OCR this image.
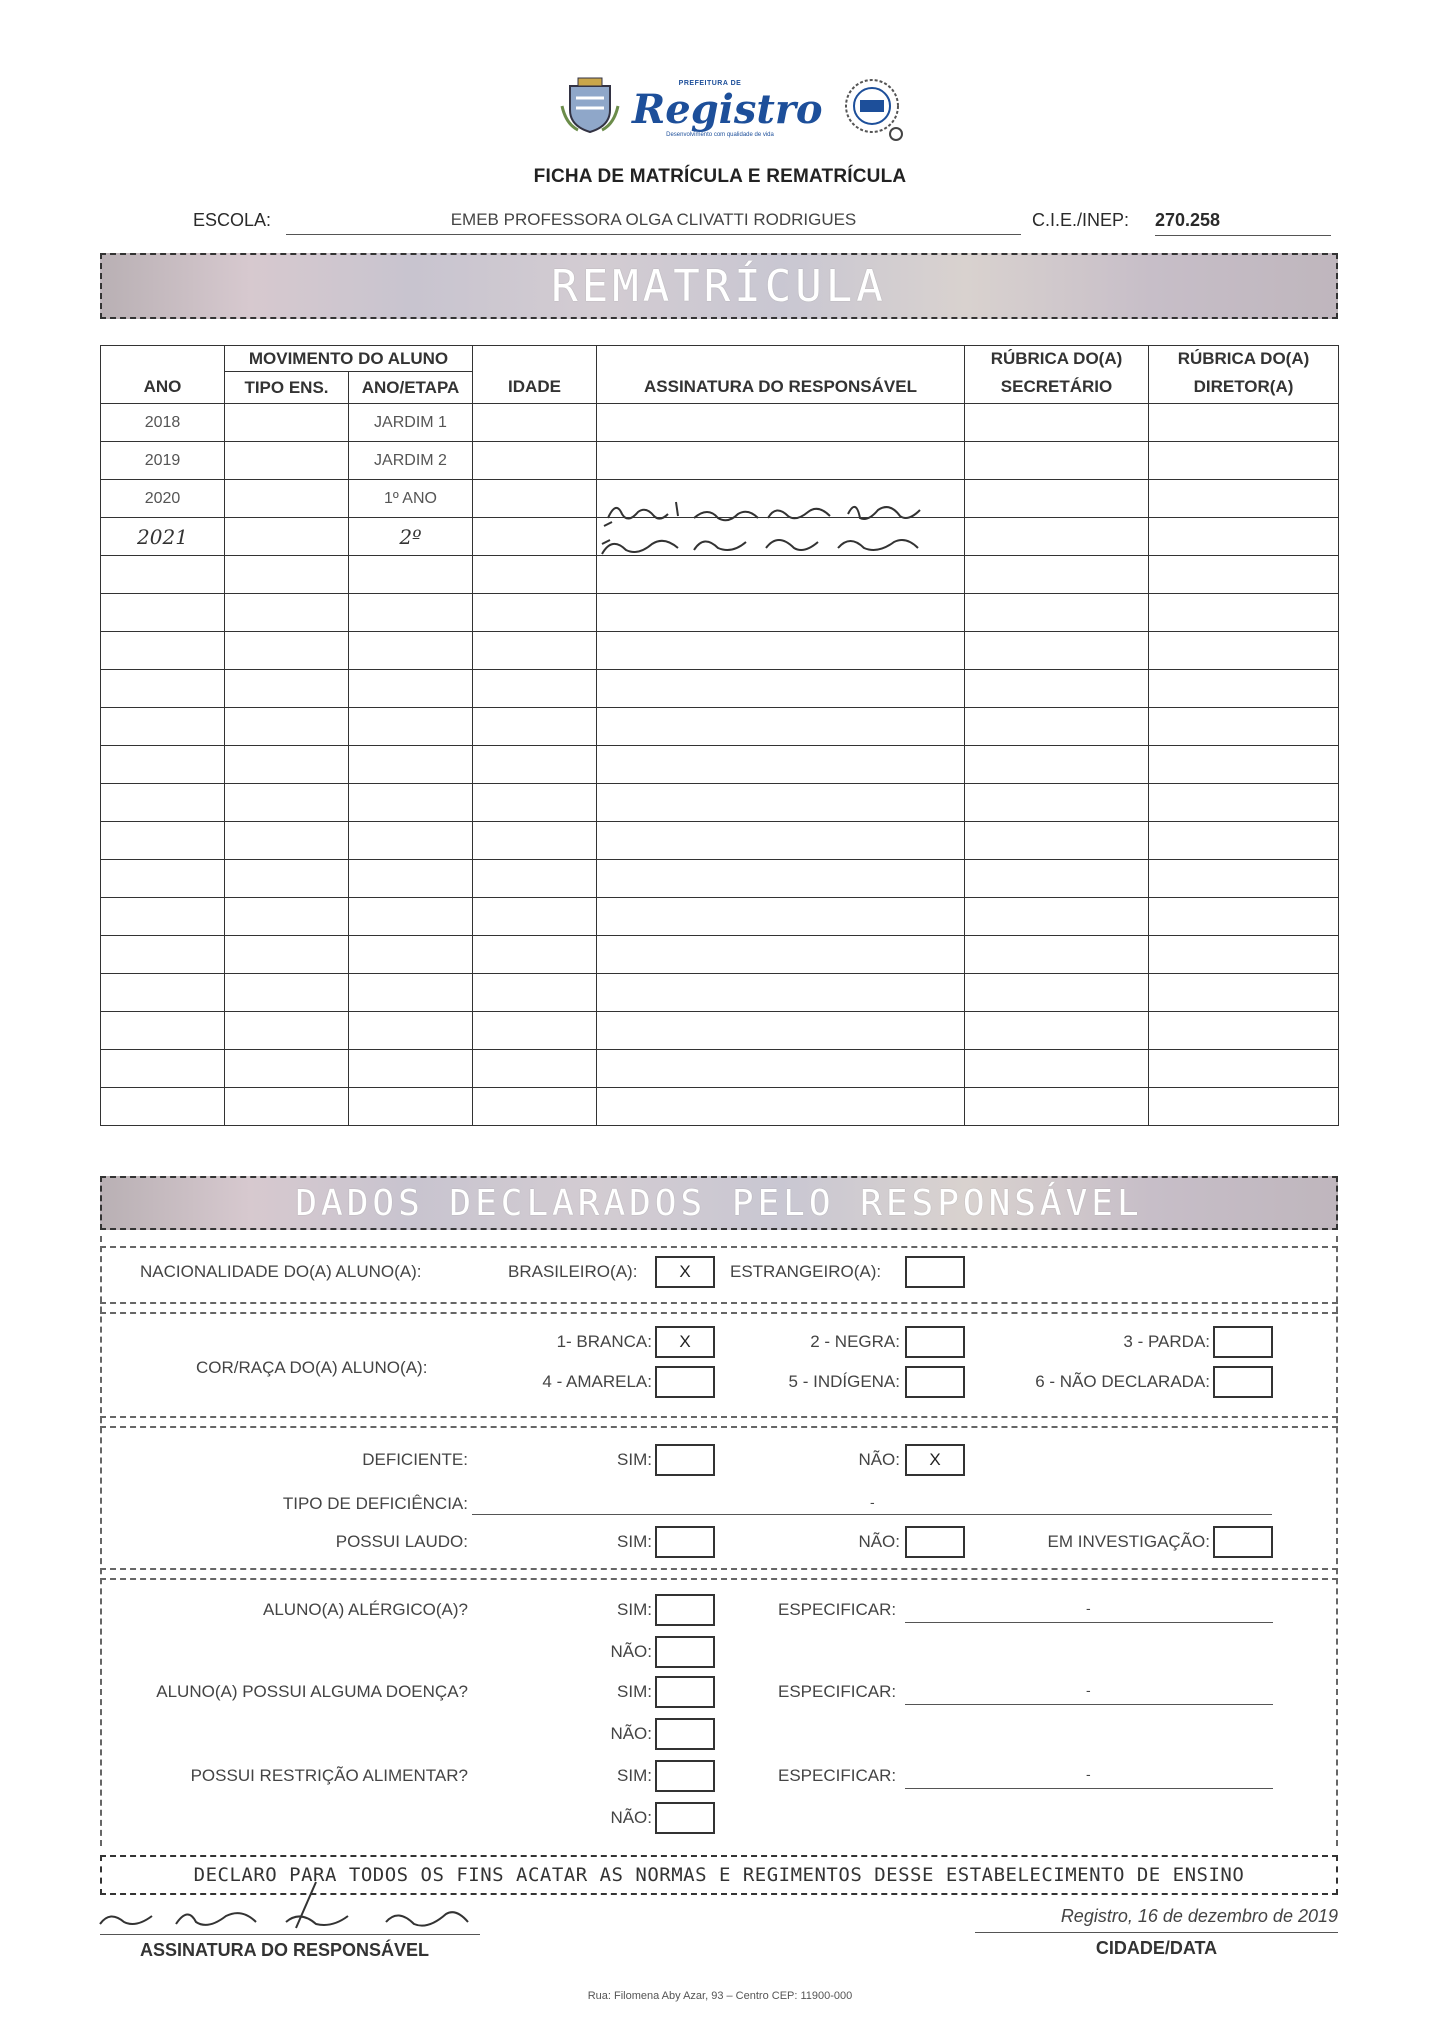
PREFEITURA DE
Registro
Desenvolvimento com qualidade de vida
FICHA DE MATRÍCULA E REMATRÍCULA
ESCOLA:	EMEB PROFESSORA OLGA CLIVATTI RODRIGUES	C.I.E./INEP: 270.258
REMATRÍCULA
	MOVIMENTO DO ALUNO				RÚBRICA DO(A)	RÚBRICA DO(A)
ANO	TIPO ENS.	ANO/ETAPA	IDADE	ASSINATURA DO RESPONSÁVEL	SECRETÁRIO	DIRETOR(A)
2018		JARDIM 1				
2019		JARDIM 2				
2020		1º ANO				
2021		2º				

DADOS DECLARADOS PELO RESPONSÁVEL
NACIONALIDADE DO(A) ALUNO(A):	BRASILEIRO(A):	X	ESTRANGEIRO(A):
COR/RAÇA DO(A) ALUNO(A):
1- BRANCA:	X	2 - NEGRA:	3 - PARDA:
4 - AMARELA:	5 - INDÍGENA:	6 - NÃO DECLARADA:
DEFICIENTE:	SIM:	NÃO:	X
TIPO DE DEFICIÊNCIA:	-
POSSUI LAUDO:	SIM:	NÃO:	EM INVESTIGAÇÃO:
ALUNO(A) ALÉRGICO(A)?	SIM:	ESPECIFICAR:	-
NÃO:
ALUNO(A) POSSUI ALGUMA DOENÇA?	SIM:	ESPECIFICAR:	-
NÃO:
POSSUI RESTRIÇÃO ALIMENTAR?	SIM:	ESPECIFICAR:	-
NÃO:
DECLARO PARA TODOS OS FINS ACATAR AS NORMAS E REGIMENTOS DESSE ESTABELECIMENTO DE ENSINO
ASSINATURA DO RESPONSÁVEL
Registro, 16 de dezembro de 2019
CIDADE/DATA
Rua: Filomena Aby Azar, 93 – Centro CEP: 11900-000
